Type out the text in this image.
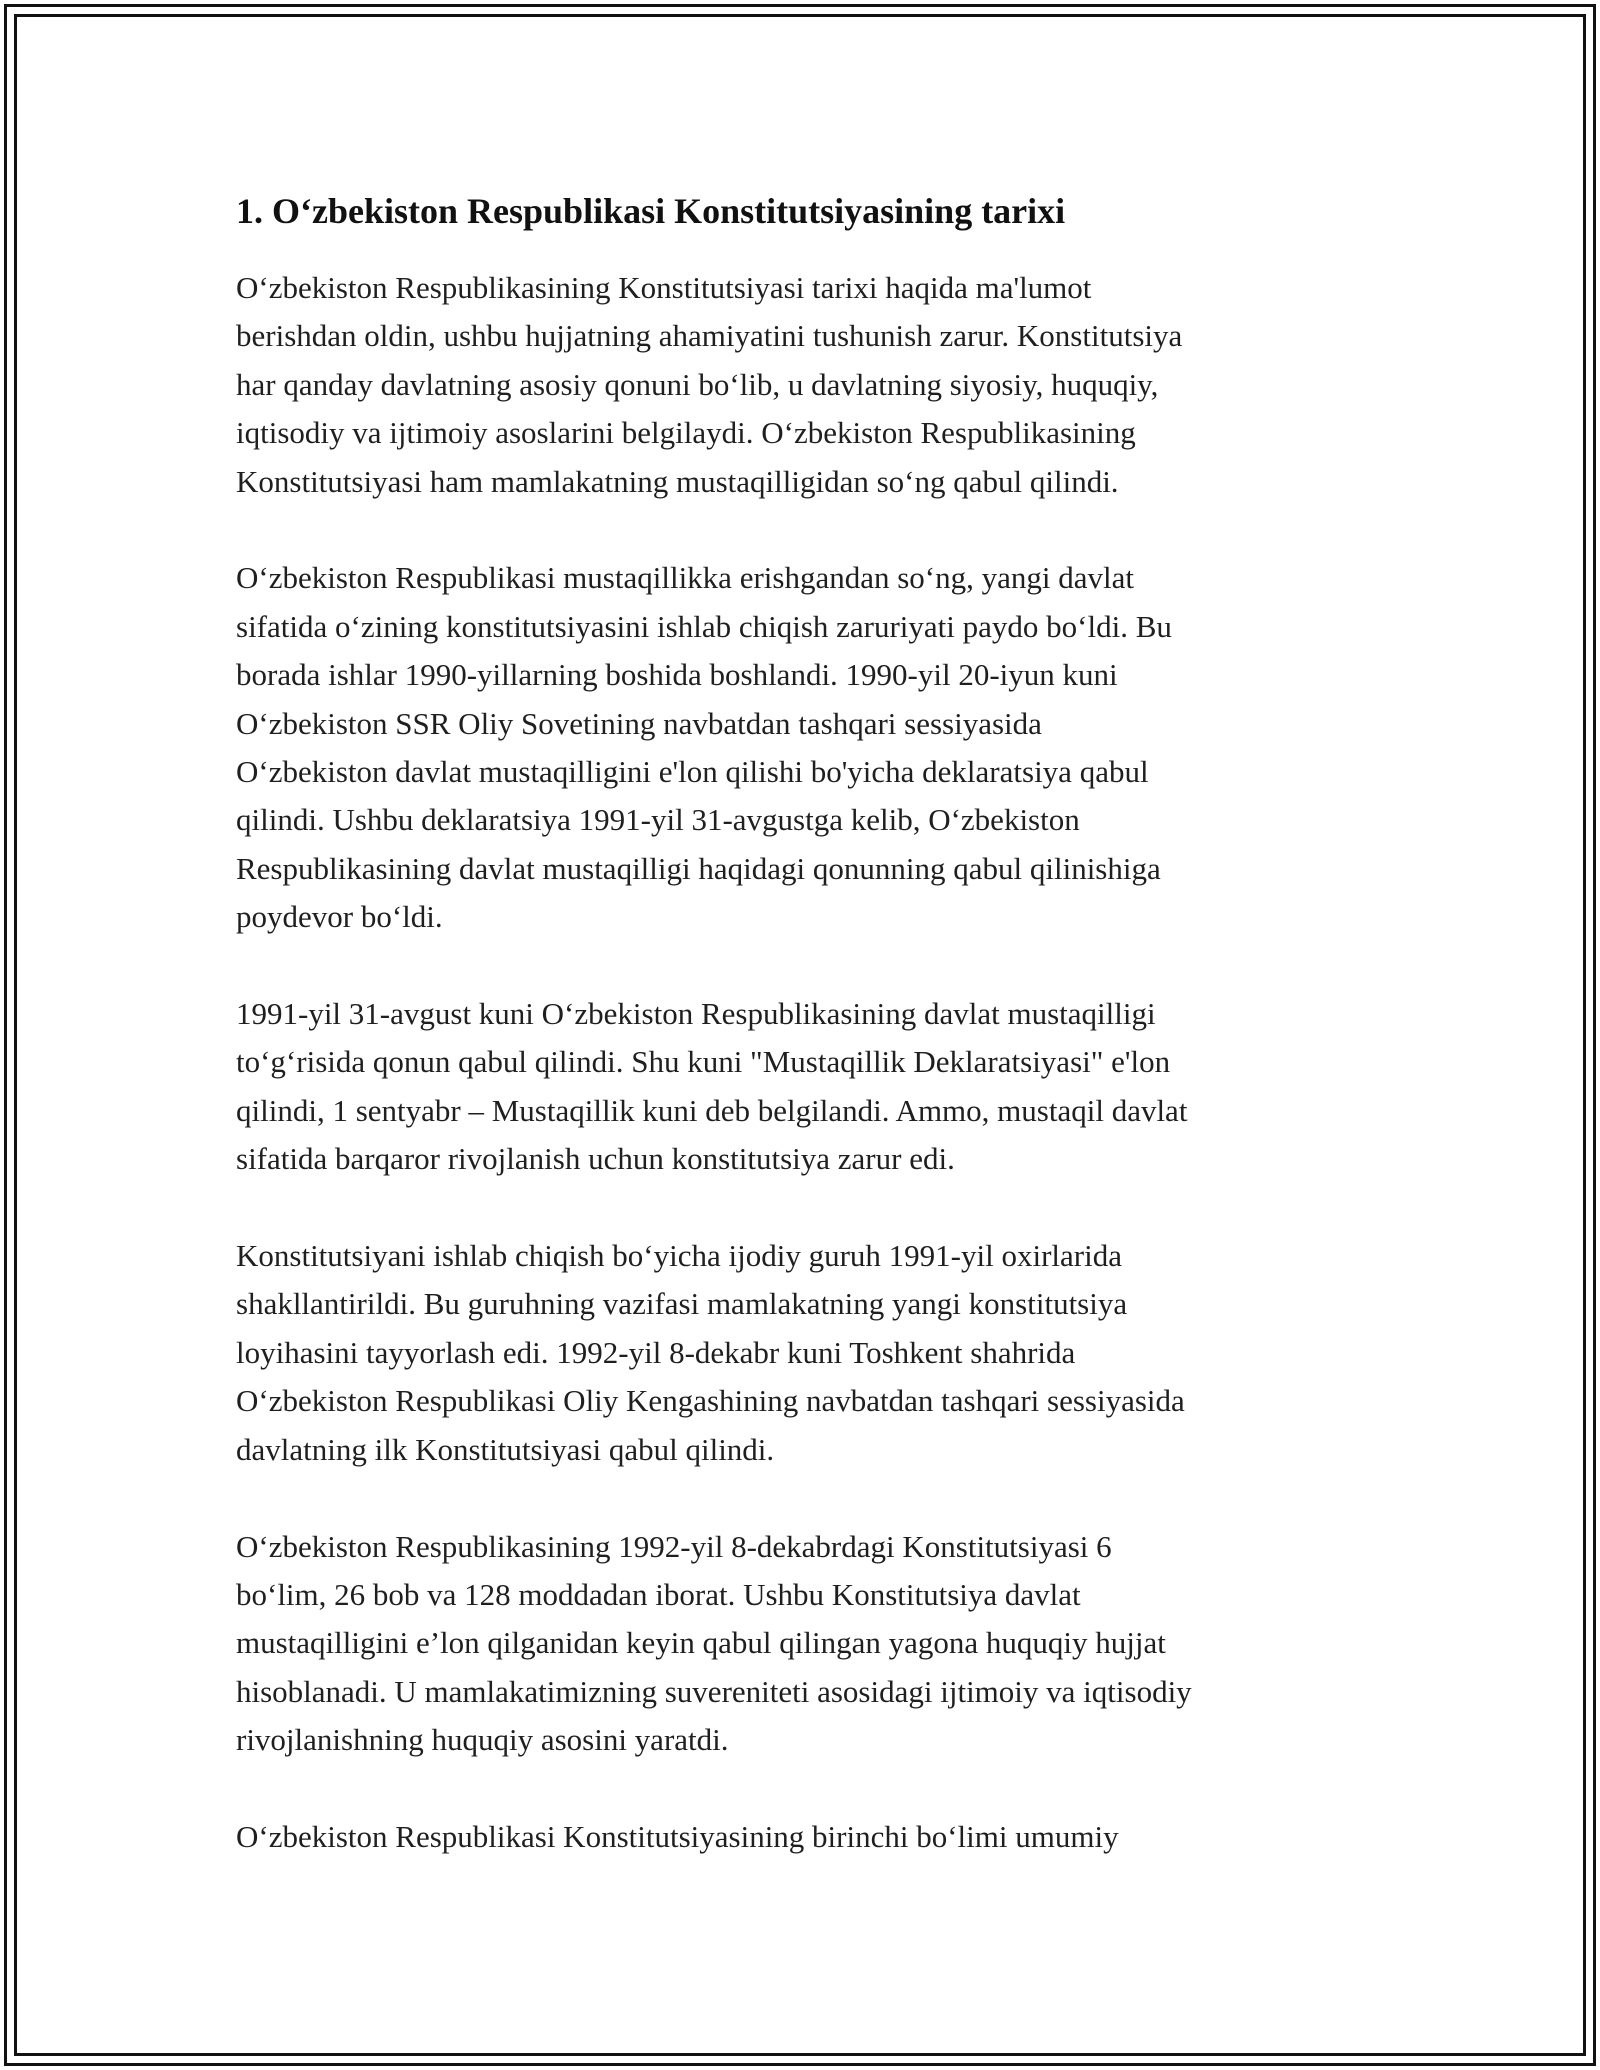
1. O‘zbekiston Respublikasi Konstitutsiyasining tarixi

O‘zbekiston Respublikasining Konstitutsiyasi tarixi haqida ma'lumot
berishdan oldin, ushbu hujjatning ahamiyatini tushunish zarur. Konstitutsiya
har qanday davlatning asosiy qonuni bo‘lib, u davlatning siyosiy, huquqiy,
iqtisodiy va ijtimoiy asoslarini belgilaydi. O‘zbekiston Respublikasining
Konstitutsiyasi ham mamlakatning mustaqilligidan so‘ng qabul qilindi.

O‘zbekiston Respublikasi mustaqillikka erishgandan so‘ng, yangi davlat
sifatida o‘zining konstitutsiyasini ishlab chiqish zaruriyati paydo bo‘ldi. Bu
borada ishlar 1990-yillarning boshida boshlandi. 1990-yil 20-iyun kuni
O‘zbekiston SSR Oliy Sovetining navbatdan tashqari sessiyasida
O‘zbekiston davlat mustaqilligini e'lon qilishi bo'yicha deklaratsiya qabul
qilindi. Ushbu deklaratsiya 1991-yil 31-avgustga kelib, O‘zbekiston
Respublikasining davlat mustaqilligi haqidagi qonunning qabul qilinishiga
poydevor bo‘ldi.

1991-yil 31-avgust kuni O‘zbekiston Respublikasining davlat mustaqilligi
to‘g‘risida qonun qabul qilindi. Shu kuni "Mustaqillik Deklaratsiyasi" e'lon
qilindi, 1 sentyabr – Mustaqillik kuni deb belgilandi. Ammo, mustaqil davlat
sifatida barqaror rivojlanish uchun konstitutsiya zarur edi.

Konstitutsiyani ishlab chiqish bo‘yicha ijodiy guruh 1991-yil oxirlarida
shakllantirildi. Bu guruhning vazifasi mamlakatning yangi konstitutsiya
loyihasini tayyorlash edi. 1992-yil 8-dekabr kuni Toshkent shahrida
O‘zbekiston Respublikasi Oliy Kengashining navbatdan tashqari sessiyasida
davlatning ilk Konstitutsiyasi qabul qilindi.

O‘zbekiston Respublikasining 1992-yil 8-dekabrdagi Konstitutsiyasi 6
bo‘lim, 26 bob va 128 moddadan iborat. Ushbu Konstitutsiya davlat
mustaqilligini e’lon qilganidan keyin qabul qilingan yagona huquqiy hujjat
hisoblanadi. U mamlakatimizning suvereniteti asosidagi ijtimoiy va iqtisodiy
rivojlanishning huquqiy asosini yaratdi.

O‘zbekiston Respublikasi Konstitutsiyasining birinchi bo‘limi umumiy
